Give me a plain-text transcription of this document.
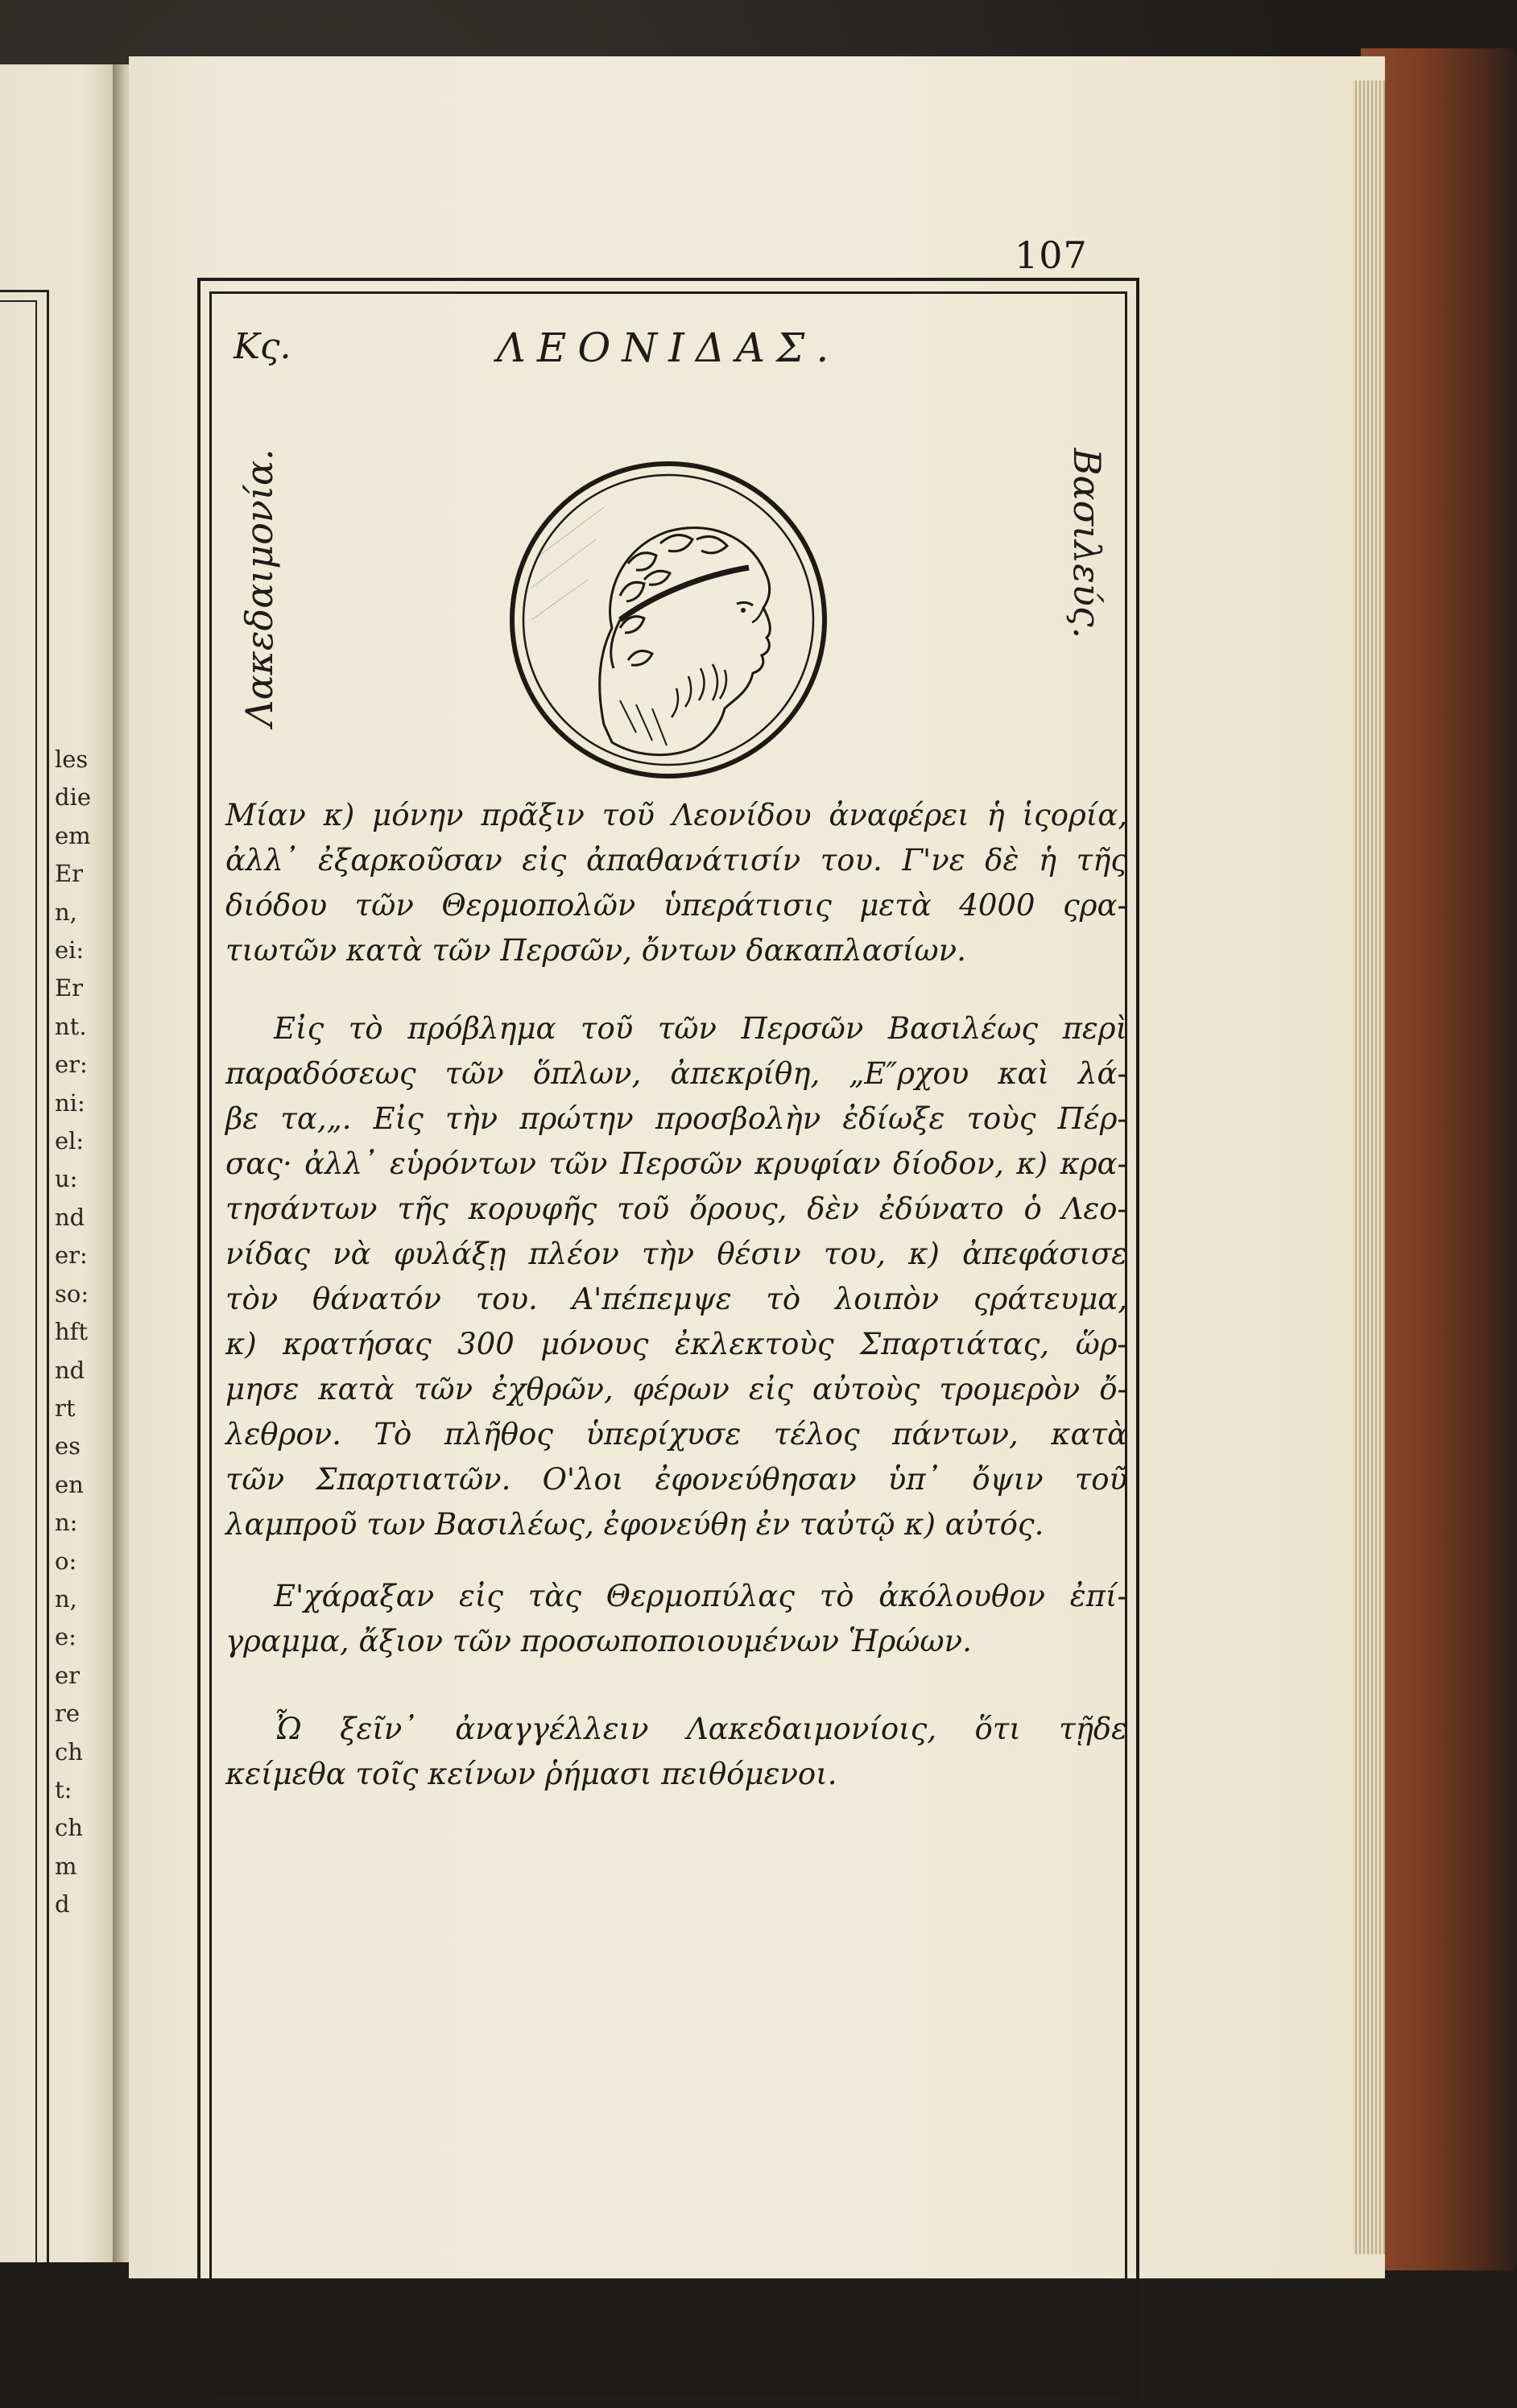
les
die
em
Er
n,
ei:
Er
nt.
er:
ni:
el:
u:
nd
er:
so:
hft
nd
rt
es
en
n:
o:
n,
e:
er
re
ch
t:
ch
m
d
107
Κς.	ΛΕΟΝΙΔΑΣ.
Λακεδαιμονία.	Βασιλεύς.
Μίαν κ) μόνην πρᾶξιν τοῦ Λεονίδου ἀναφέρει ἡ ἱςορία,
ἀλλ᾽ ἐξαρκοῦσαν εἰς ἀπαθανάτισίν του. Γ'νε δὲ ἡ τῆς
διόδου τῶν Θερμοπολῶν ὑπεράτισις μετὰ 4000 ςρα-
τιωτῶν κατὰ τῶν Περσῶν, ὄντων δακαπλασίων.
Εἰς τὸ πρόβλημα τοῦ τῶν Περσῶν Βασιλέως περὶ
παραδόσεως τῶν ὅπλων, ἀπεκρίθη, „Ε″ρχου καὶ λά-
βε τα,„. Εἰς τὴν πρώτην προσβολὴν ἐδίωξε τοὺς Πέρ-
σας· ἀλλ᾽ εὑρόντων τῶν Περσῶν κρυφίαν δίοδον, κ) κρα-
τησάντων τῆς κορυφῆς τοῦ ὄρους, δὲν ἐδύνατο ὁ Λεο-
νίδας νὰ φυλάξῃ πλέον τὴν θέσιν του, κ) ἀπεφάσισε
τὸν θάνατόν του. Α'πέπεμψε τὸ λοιπὸν ςράτευμα,
κ) κρατήσας 300 μόνους ἐκλεκτοὺς Σπαρτιάτας, ὥρ-
μησε κατὰ τῶν ἐχθρῶν, φέρων εἰς αὐτοὺς τρομερὸν ὄ-
λεθρον. Τὸ πλῆθος ὑπερίχυσε τέλος πάντων, κατὰ
τῶν Σπαρτιατῶν. Ο'λοι ἐφονεύθησαν ὑπ᾽ ὄψιν τοῦ
λαμπροῦ των Βασιλέως, ἐφονεύθη ἐν ταὐτῷ κ) αὐτός.
Ε'χάραξαν εἰς τὰς Θερμοπύλας τὸ ἀκόλουθον ἐπί-
γραμμα, ἄξιον τῶν προσωποποιουμένων Ἡρώων.
Ὦ ξεῖν᾽ ἀναγγέλλειν Λακεδαιμονίοις, ὅτι τῇδε
κείμεθα τοῖς κείνων ῥήμασι πειθόμενοι.
